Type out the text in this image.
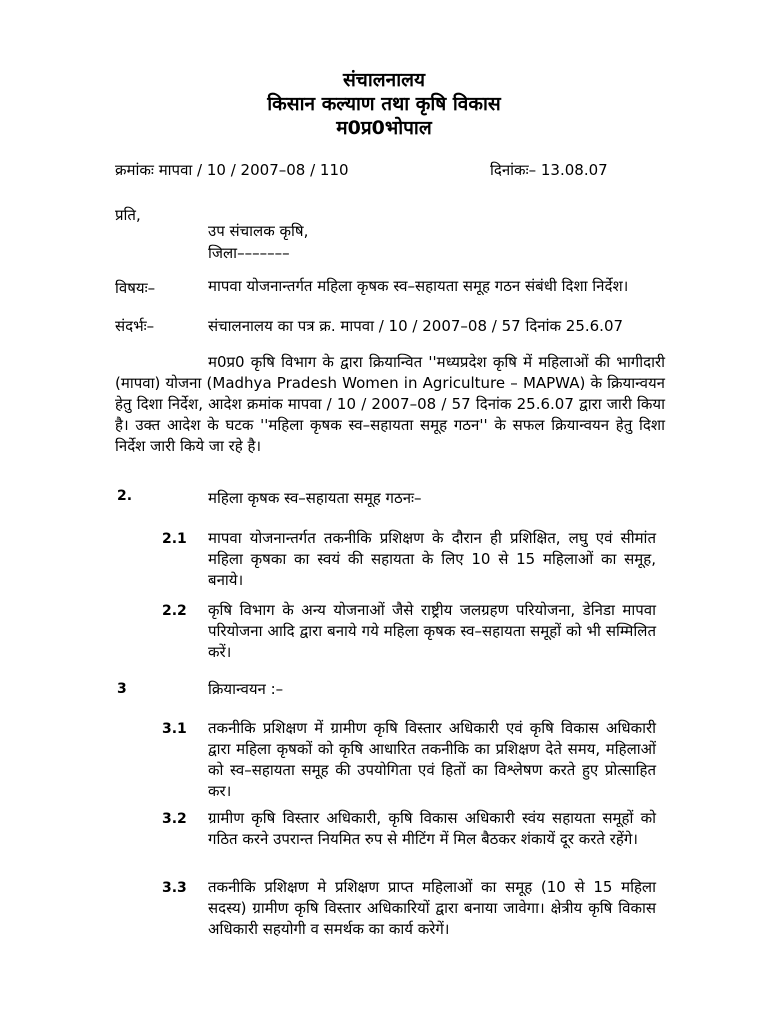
संचालनालय
किसान कल्याण तथा कृषि विकास
म0प्र0भोपाल
क्रमांकः मापवा / 10 / 2007–08 / 110	दिनांकः– 13.08.07
प्रति,
उप संचालक कृषि,
जिला–––––––
विषयः–	मापवा योजनान्तर्गत महिला कृषक स्व–सहायता समूह गठन संबंधी दिशा निर्देश।
संदर्भः–	संचालनालय का पत्र क्र. मापवा / 10 / 2007–08 / 57 दिनांक 25.6.07
म0प्र0 कृषि विभाग के द्वारा क्रियान्वित ''मध्यप्रदेश कृषि में महिलाओं की भागीदारी (मापवा) योजना (Madhya Pradesh Women in Agriculture – MAPWA) के क्रियान्वयन हेतु दिशा निर्देश, आदेश क्रमांक मापवा / 10 / 2007–08 / 57 दिनांक 25.6.07 द्वारा जारी किया है। उक्त आदेश के घटक ''महिला कृषक स्व–सहायता समूह गठन'' के सफल क्रियान्वयन हेतु दिशा निर्देश जारी किये जा रहे है।
2.	महिला कृषक स्व–सहायता समूह गठनः–
2.1 मापवा योजनान्तर्गत तकनीकि प्रशिक्षण के दौरान ही प्रशिक्षित, लघु एवं सीमांत महिला कृषका का स्वयं की सहायता के लिए 10 से 15 महिलाओं का समूह, बनाये।
2.2 कृषि विभाग के अन्य योजनाओं जैसे राष्ट्रीय जलग्रहण परियोजना, डेनिडा मापवा परियोजना आदि द्वारा बनाये गये महिला कृषक स्व–सहायता समूहों को भी सम्मिलित करें।
3	क्रियान्वयन :–
3.1 तकनीकि प्रशिक्षण में ग्रामीण कृषि विस्तार अधिकारी एवं कृषि विकास अधिकारी द्वारा महिला कृषकों को कृषि आधारित तकनीकि का प्रशिक्षण देते समय, महिलाओं को स्व–सहायता समूह की उपयोगिता एवं हितों का विश्लेषण करते हुए प्रोत्साहित कर।
3.2 ग्रामीण कृषि विस्तार अधिकारी, कृषि विकास अधिकारी स्वंय सहायता समूहों को गठित करने उपरान्त नियमित रुप से मीटिंग में मिल बैठकर शंकायें दूर करते रहेंगे।
3.3 तकनीकि प्रशिक्षण मे प्रशिक्षण प्राप्त महिलाओं का समूह (10 से 15 महिला सदस्य) ग्रामीण कृषि विस्तार अधिकारियों द्वारा बनाया जावेगा। क्षेत्रीय कृषि विकास अधिकारी सहयोगी व समर्थक का कार्य करेगें।
